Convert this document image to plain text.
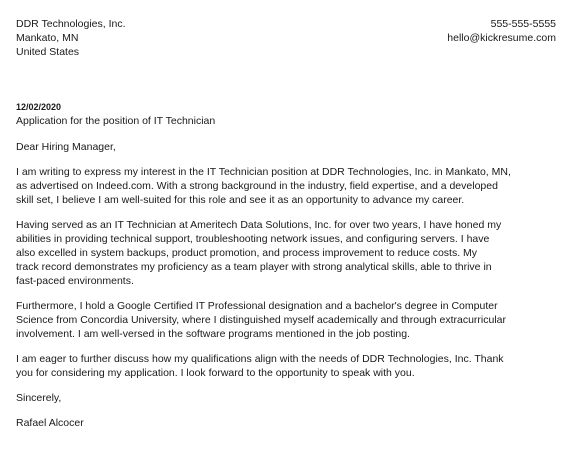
DDR Technologies, Inc.
Mankato, MN
United States
555-555-5555
hello@kickresume.com
12/02/2020
Application for the position of IT Technician

Dear Hiring Manager,

I am writing to express my interest in the IT Technician position at DDR Technologies, Inc. in Mankato, MN,
as advertised on Indeed.com. With a strong background in the industry, field expertise, and a developed
skill set, I believe I am well-suited for this role and see it as an opportunity to advance my career.

Having served as an IT Technician at Ameritech Data Solutions, Inc. for over two years, I have honed my
abilities in providing technical support, troubleshooting network issues, and configuring servers. I have
also excelled in system backups, product promotion, and process improvement to reduce costs. My
track record demonstrates my proficiency as a team player with strong analytical skills, able to thrive in
fast-paced environments.

Furthermore, I hold a Google Certified IT Professional designation and a bachelor's degree in Computer
Science from Concordia University, where I distinguished myself academically and through extracurricular
involvement. I am well-versed in the software programs mentioned in the job posting.

I am eager to further discuss how my qualifications align with the needs of DDR Technologies, Inc. Thank
you for considering my application. I look forward to the opportunity to speak with you.

Sincerely,

Rafael Alcocer
